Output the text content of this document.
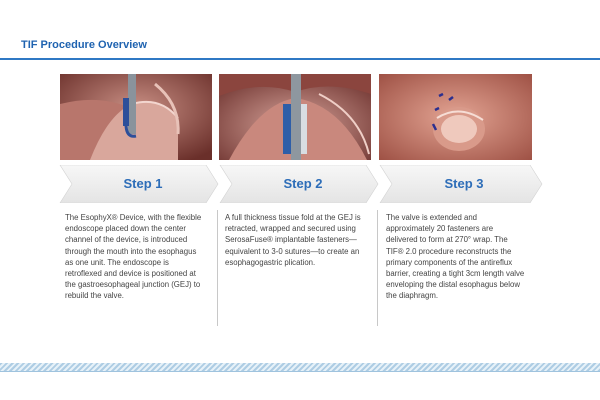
TIF Procedure Overview
Step 1	Step 2	Step 3
The EsophyX® Device, with the flexible endoscope placed down the center channel of the device, is introduced through the mouth into the esophagus as one unit. The endoscope is retroflexed and device is positioned at the gastroesophageal junction (GEJ) to rebuild the valve.
A full thickness tissue fold at the GEJ is retracted, wrapped and secured using SerosaFuse® implantable fasteners—equivalent to 3-0 sutures—to create an esophagogastric plication.
The valve is extended and approximately 20 fasteners are delivered to form at 270° wrap. The TIF® 2.0 procedure reconstructs the primary components of the antireflux barrier, creating a tight 3cm length valve enveloping the distal esophagus below the diaphragm.
